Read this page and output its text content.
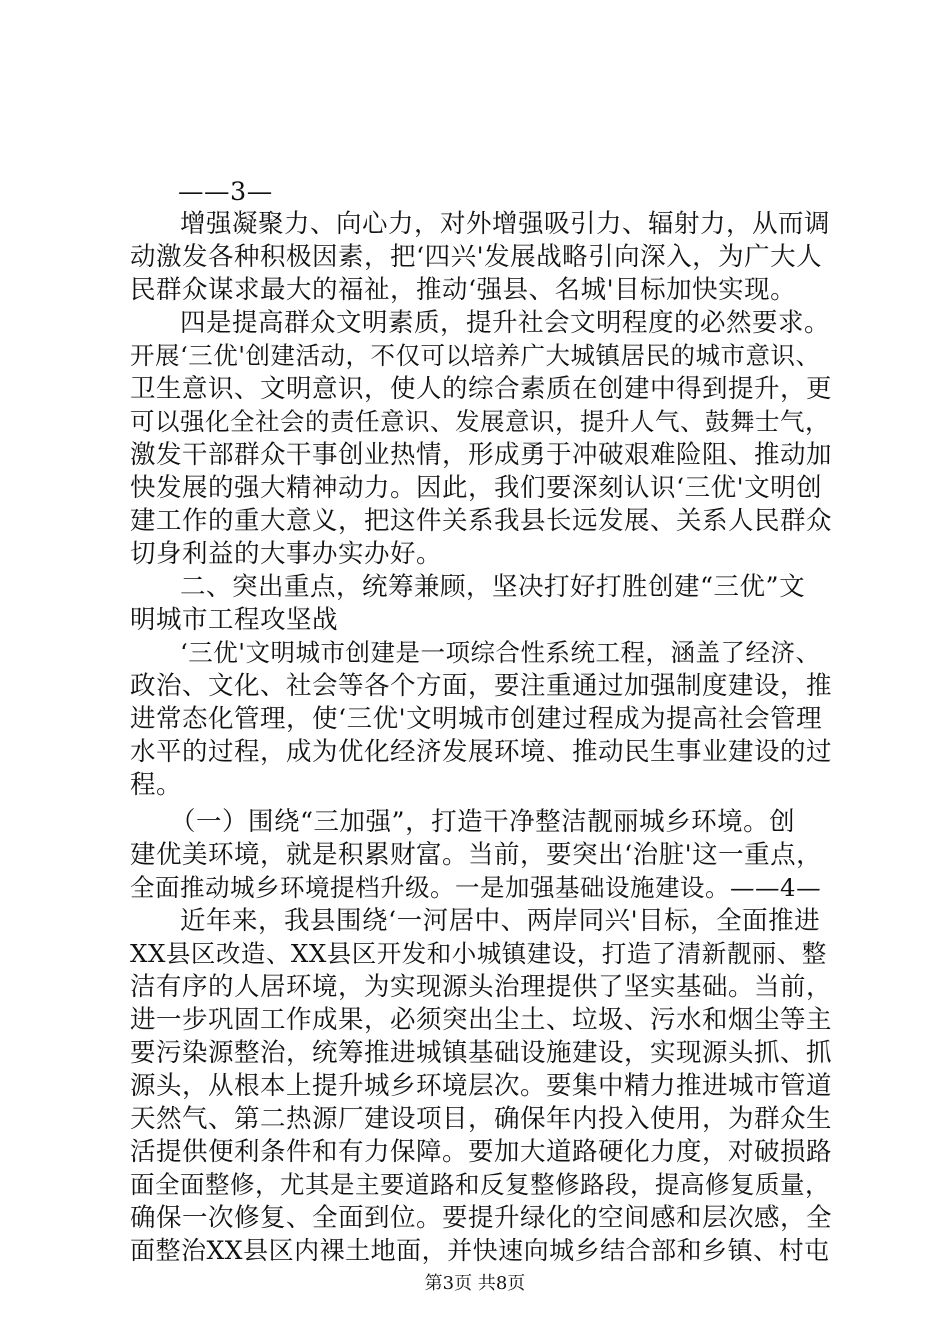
——3—
增强凝聚力、向心力，对外增强吸引力、辐射力，从而调
动激发各种积极因素，把‘四兴'发展战略引向深入，为广大人
民群众谋求最大的福祉，推动‘强县、名城'目标加快实现。
四是提高群众文明素质，提升社会文明程度的必然要求。
开展‘三优'创建活动，不仅可以培养广大城镇居民的城市意识、
卫生意识、文明意识，使人的综合素质在创建中得到提升，更
可以强化全社会的责任意识、发展意识，提升人气、鼓舞士气，
激发干部群众干事创业热情，形成勇于冲破艰难险阻、推动加
快发展的强大精神动力。因此，我们要深刻认识‘三优'文明创
建工作的重大意义，把这件关系我县长远发展、关系人民群众
切身利益的大事办实办好。
二、突出重点，统筹兼顾，坚决打好打胜创建“三优”文
明城市工程攻坚战
‘三优'文明城市创建是一项综合性系统工程，涵盖了经济、
政治、文化、社会等各个方面，要注重通过加强制度建设，推
进常态化管理，使‘三优'文明城市创建过程成为提高社会管理
水平的过程，成为优化经济发展环境、推动民生事业建设的过
程。
（一）围绕“三加强”，打造干净整洁靓丽城乡环境。创
建优美环境，就是积累财富。当前，要突出‘治脏'这一重点，
全面推动城乡环境提档升级。一是加强基础设施建设。——4—
近年来，我县围绕‘一河居中、两岸同兴'目标，全面推进
XX县区改造、XX县区开发和小城镇建设，打造了清新靓丽、整
洁有序的人居环境，为实现源头治理提供了坚实基础。当前，
进一步巩固工作成果，必须突出尘土、垃圾、污水和烟尘等主
要污染源整治，统筹推进城镇基础设施建设，实现源头抓、抓
源头，从根本上提升城乡环境层次。要集中精力推进城市管道
天然气、第二热源厂建设项目，确保年内投入使用，为群众生
活提供便利条件和有力保障。要加大道路硬化力度，对破损路
面全面整修，尤其是主要道路和反复整修路段，提高修复质量，
确保一次修复、全面到位。要提升绿化的空间感和层次感，全
面整治XX县区内裸土地面，并快速向城乡结合部和乡镇、村屯
第3页 共8页
